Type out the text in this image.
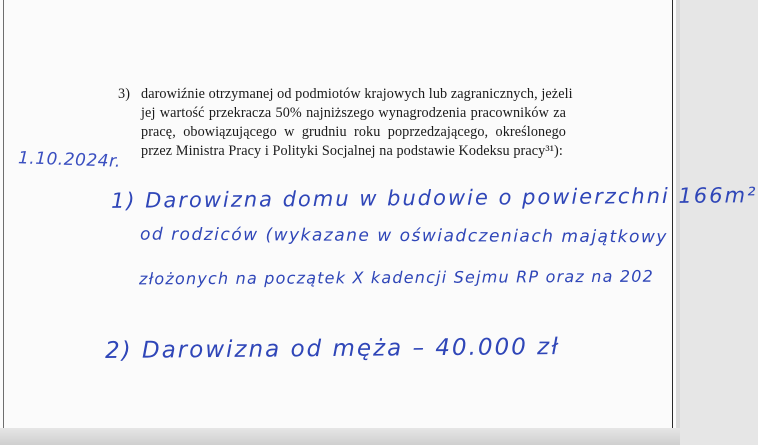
3) darowiźnie otrzymanej od podmiotów krajowych lub zagranicznych, jeżeli
jej wartość przekracza 50% najniższego wynagrodzenia pracowników za
pracę, obowiązującego w grudniu roku poprzedzającego, określonego
przez Ministra Pracy i Polityki Socjalnej na podstawie Kodeksu pracy³¹):
1.10.2024r.
1) Darowizna domu w budowie o powierzchni 166m²
od rodziców (wykazane w oświadczeniach majątkowy
złożonych na początek X kadencji Sejmu RP oraz na 202
2) Darowizna od męża – 40.000 zł
